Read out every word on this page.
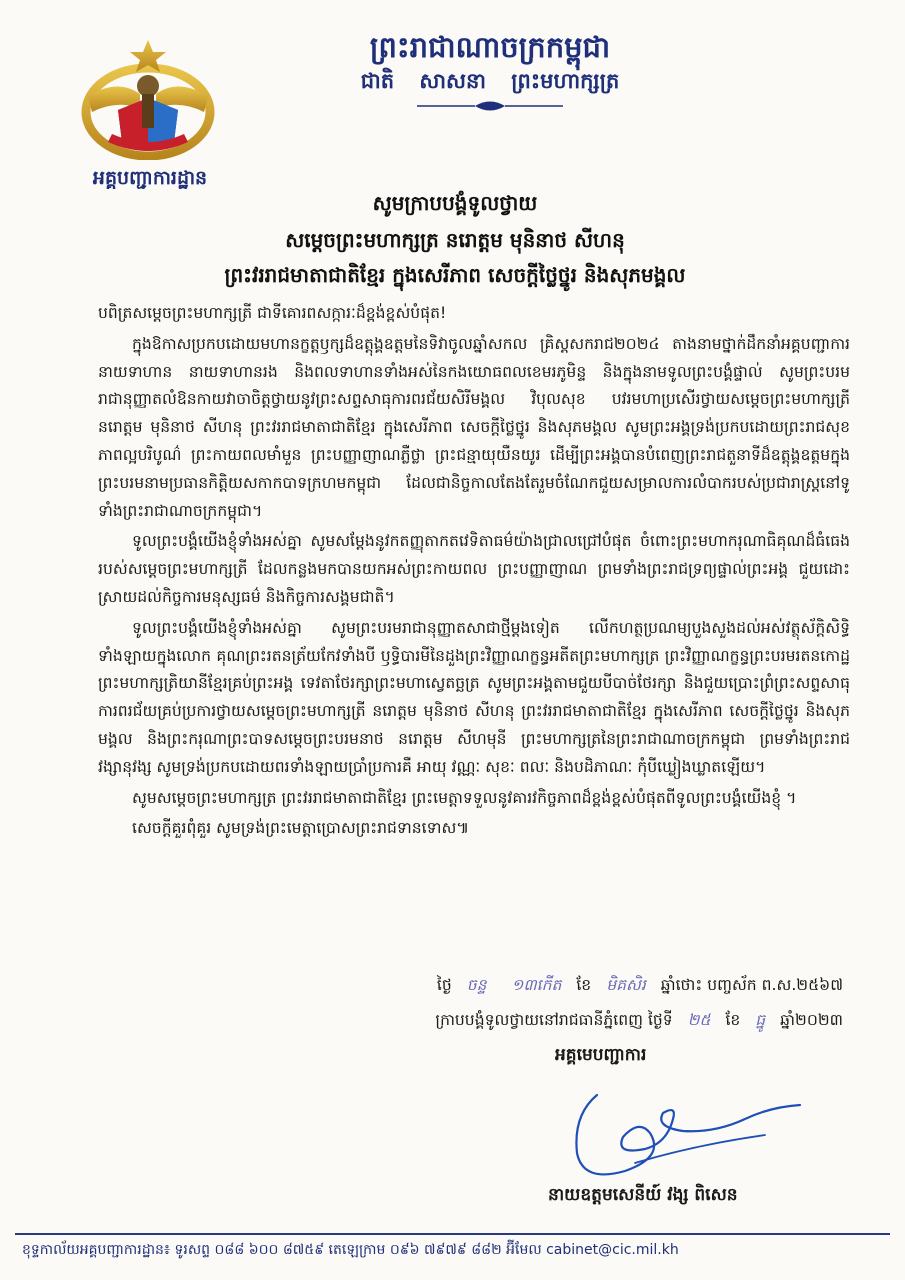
អគ្គបញ្ជាការដ្ឋាន
ព្រះរាជាណាចក្រកម្ពុជា
ជាតិ សាសនា ព្រះមហាក្សត្រ
សូមក្រាបបង្គំទូលថ្វាយ
សម្តេចព្រះមហាក្សត្រ នរោត្តម មុនិនាថ សីហនុ
ព្រះវររាជមាតាជាតិខ្មែរ ក្នុងសេរីភាព សេចក្តីថ្លៃថ្នូរ និងសុភមង្គល

បពិត្រសម្តេចព្រះមហាក្សត្រី ជាទីគោរពសក្ការៈដ៏ខ្ពង់ខ្ពស់បំផុត!

ក្នុងឱកាសប្រកបដោយមហានក្ខត្តឫក្សដ៏ឧត្តុង្គឧត្តមនៃទិវាចូលឆ្នាំសកល គ្រិស្តសករាជ២០២៤ តាងនាមថ្នាក់ដឹកនាំអគ្គបញ្ជាការ នាយទាហាន នាយទាហានរង និងពលទាហានទាំងអស់នៃកងយោធពលខេមរភូមិន្ទ និងក្នុងនាមទូលព្រះបង្គំផ្ទាល់ សូមព្រះបរមរាជានុញ្ញាតលំឱនកាយវាចាចិត្តថ្វាយនូវព្រះសព្ទសាធុការពរជ័យសិរីមង្គល វិបុលសុខ បវរមហាប្រសើរថ្វាយសម្តេចព្រះមហាក្សត្រី នរោត្តម មុនិនាថ សីហនុ ព្រះវររាជមាតាជាតិខ្មែរ ក្នុងសេរីភាព សេចក្តីថ្លៃថ្នូរ និងសុភមង្គល សូមព្រះអង្គទ្រង់ប្រកបដោយព្រះរាជសុខភាពល្អបរិបូណ៌ ព្រះកាយពលមាំមួន ព្រះបញ្ញាញាណភ្លឺថ្លា ព្រះជន្មាយុយឺនយូរ ដើម្បីព្រះអង្គបានបំពេញព្រះរាជតួនាទីដ៏ឧត្តុង្គឧត្តមក្នុងព្រះបរមនាមប្រធានកិត្តិយសកាកបាទក្រហមកម្ពុជា ដែលជានិច្ចកាលតែងតែរួមចំណែកជួយសម្រាលការលំបាករបស់ប្រជារាស្ត្រនៅទូទាំងព្រះរាជាណាចក្រកម្ពុជា។

ទូលព្រះបង្គំយើងខ្ញុំទាំងអស់គ្នា សូមសម្តែងនូវកតញ្ញុតាកតវេទិតាធម៌យ៉ាងជ្រាលជ្រៅបំផុត ចំពោះព្រះមហាករុណាធិគុណដ៏ធំធេងរបស់សម្តេចព្រះមហាក្សត្រី ដែលកន្លងមកបានយកអស់ព្រះកាយពល ព្រះបញ្ញាញាណ ព្រមទាំងព្រះរាជទ្រព្យផ្ទាល់ព្រះអង្គ ជួយដោះស្រាយដល់កិច្ចការមនុស្សធម៌ និងកិច្ចការសង្គមជាតិ។

ទូលព្រះបង្គំយើងខ្ញុំទាំងអស់គ្នា សូមព្រះបរមរាជានុញ្ញាតសាជាថ្មីម្តងទៀត លើកហត្ថប្រណម្យបួងសួងដល់អស់វត្ថុស័ក្តិសិទ្ធិទាំងឡាយក្នុងលោក គុណព្រះរតនត្រ័យកែវទាំងបី ឫទ្ធិបារមីនៃដួងព្រះវិញ្ញាណក្ខន្ធអតីតព្រះមហាក្សត្រ ព្រះវិញ្ញាណក្ខន្ធព្រះបរមរតនកោដ្ឋ ព្រះមហាក្សត្រិយានីខ្មែរគ្រប់ព្រះអង្គ ទេវតាថែរក្សាព្រះមហាស្វេតច្ឆត្រ សូមព្រះអង្គតាមជួយបីបាច់ថែរក្សា និងជួយប្រោះព្រំព្រះសព្ទសាធុការពរជ័យគ្រប់ប្រការថ្វាយសម្តេចព្រះមហាក្សត្រី នរោត្តម មុនិនាថ សីហនុ ព្រះវររាជមាតាជាតិខ្មែរ ក្នុងសេរីភាព សេចក្តីថ្លៃថ្នូរ និងសុភមង្គល និងព្រះករុណាព្រះបាទសម្តេចព្រះបរមនាថ នរោត្តម សីហមុនី ព្រះមហាក្សត្រនៃព្រះរាជាណាចក្រកម្ពុជា ព្រមទាំងព្រះរាជវង្សានុវង្ស សូមទ្រង់ប្រកបដោយពរទាំងឡាយប្រាំប្រការគឺ អាយុ វណ្ណៈ សុខៈ ពលៈ និងបដិភាណៈ កុំបីឃ្លៀងឃ្លាតឡើយ។

សូមសម្តេចព្រះមហាក្សត្រ ព្រះវររាជមាតាជាតិខ្មែរ ព្រះមេត្តាទទួលនូវគារវកិច្ចភាពដ៏ខ្ពង់ខ្ពស់បំផុតពីទូលព្រះបង្គំយើងខ្ញុំ ។

សេចក្តីគួរពុំគួរ សូមទ្រង់ព្រះមេត្តាប្រោសព្រះរាជទានទោស៕

ថ្ងៃ ចន្ទ ១៣កើត ខែ មិគសិរ ឆ្នាំថោះ បញ្ចស័ក ព.ស.២៥៦៧
ក្រាបបង្គំទូលថ្វាយនៅរាជធានីភ្នំពេញ ថ្ងៃទី ២៥ ខែ ធ្នូ ឆ្នាំ២០២៣
អគ្គមេបញ្ជាការ
នាយឧត្តមសេនីយ៍ វង្ស ពិសេន
ខុទ្ទកាល័យអគ្គបញ្ជាការដ្ឋាន៖ ទូរសព្ទ ០៨៨ ៦០០ ៨៧៥៩ តេឡេក្រាម ០៩៦ ៧៩៧៩ ៨៨២ អ៊ីមែល cabinet@cic.mil.kh
